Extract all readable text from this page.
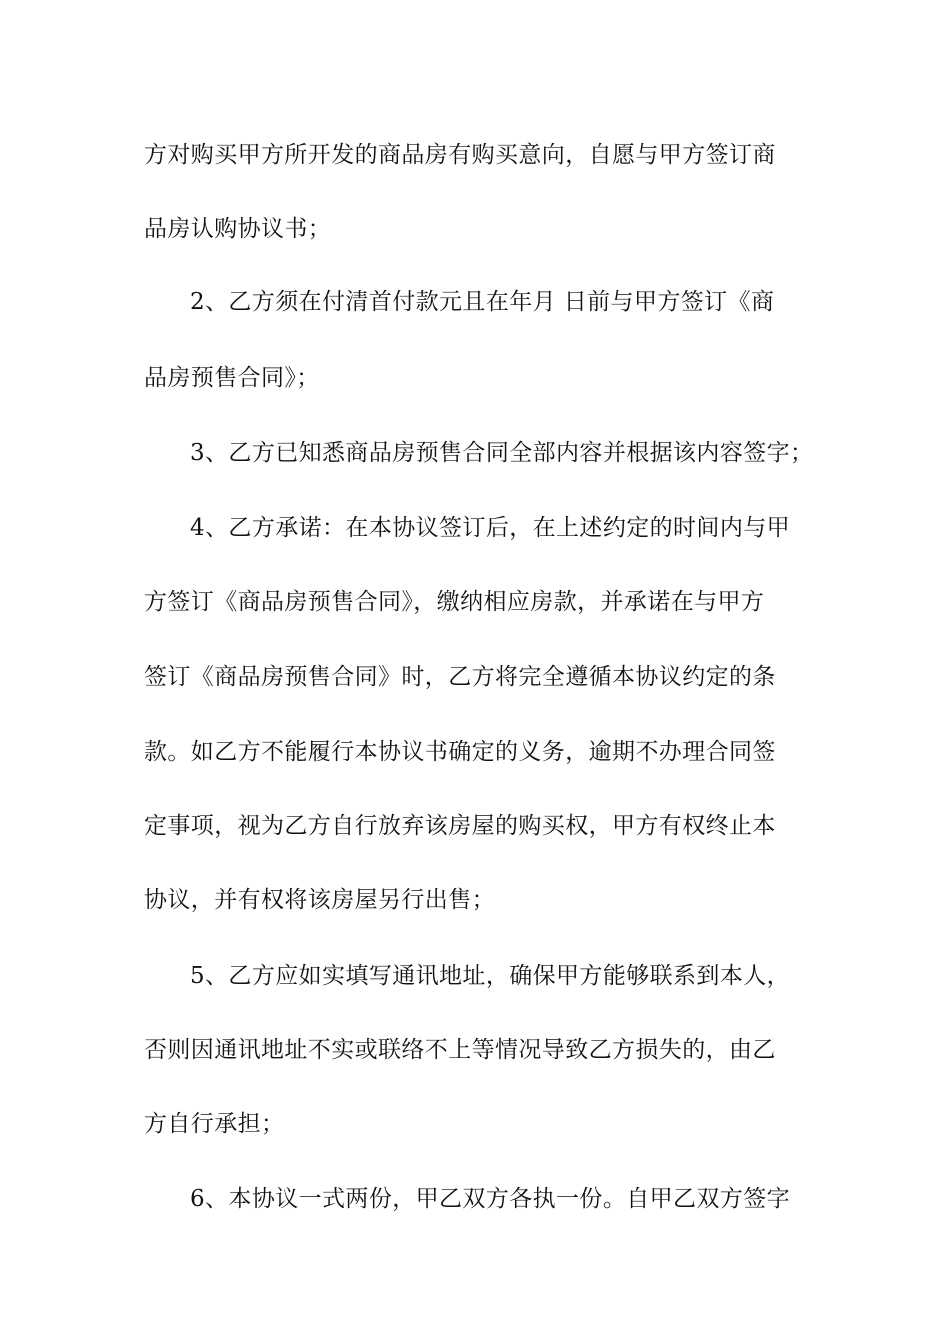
方对购买甲方所开发的商品房有购买意向，自愿与甲方签订商
品房认购协议书；
2、乙方须在付清首付款元且在年月 日前与甲方签订《商
品房预售合同》；
3、乙方已知悉商品房预售合同全部内容并根据该内容签字；
4、乙方承诺：在本协议签订后，在上述约定的时间内与甲
方签订《商品房预售合同》，缴纳相应房款，并承诺在与甲方
签订《商品房预售合同》时，乙方将完全遵循本协议约定的条
款。如乙方不能履行本协议书确定的义务，逾期不办理合同签
定事项，视为乙方自行放弃该房屋的购买权，甲方有权终止本
协议，并有权将该房屋另行出售；
5、乙方应如实填写通讯地址，确保甲方能够联系到本人，
否则因通讯地址不实或联络不上等情况导致乙方损失的，由乙
方自行承担；
6、本协议一式两份，甲乙双方各执一份。自甲乙双方签字
